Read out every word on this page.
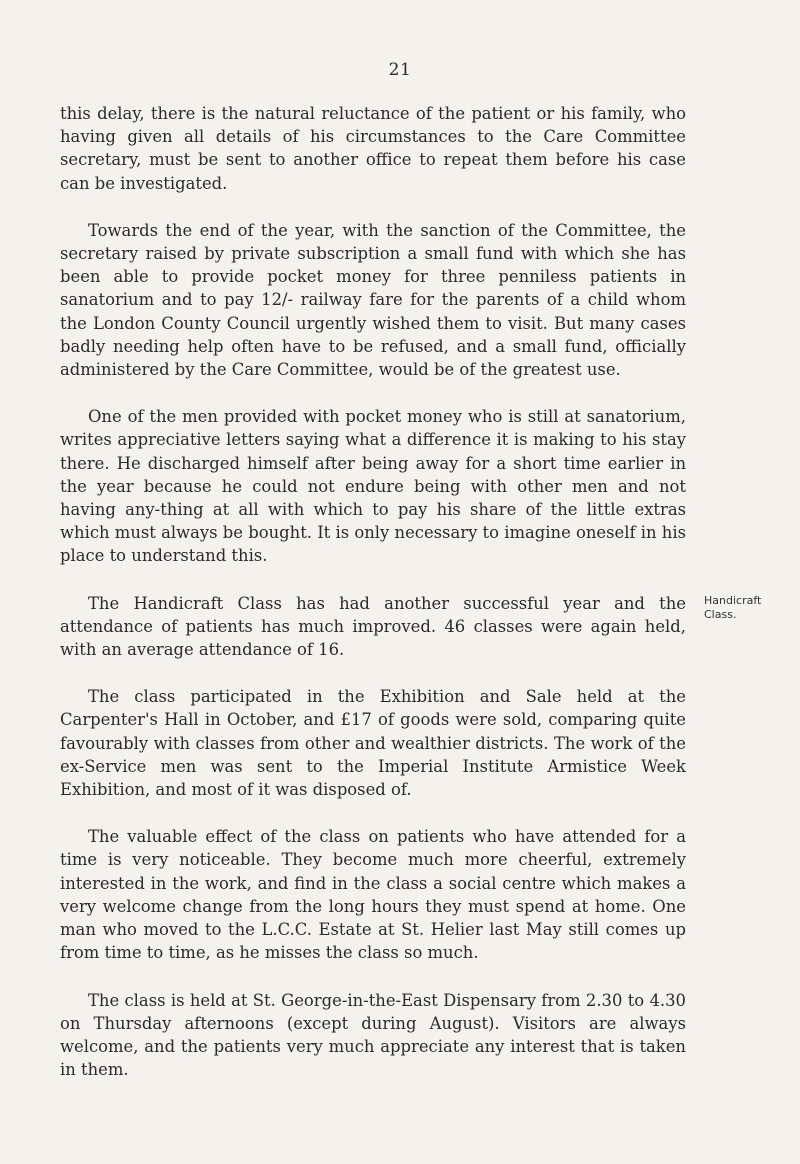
21

this delay, there is the natural reluctance of the patient or his family, who having given all details of his circumstances to the Care Committee secretary, must be sent to another office to repeat them before his case can be investigated.

Towards the end of the year, with the sanction of the Committee, the secretary raised by private subscription a small fund with which she has been able to provide pocket money for three penniless patients in sanatorium and to pay 12/- railway fare for the parents of a child whom the London County Council urgently wished them to visit. But many cases badly needing help often have to be refused, and a small fund, officially administered by the Care Committee, would be of the greatest use.

One of the men provided with pocket money who is still at sanatorium, writes appreciative letters saying what a difference it is making to his stay there. He discharged himself after being away for a short time earlier in the year because he could not endure being with other men and not having any-thing at all with which to pay his share of the little extras which must always be bought. It is only necessary to imagine oneself in his place to understand this.

The Handicraft Class has had another successful year and the attendance of patients has much improved. 46 classes were again held, with an average attendance of 16.

The class participated in the Exhibition and Sale held at the Carpenter's Hall in October, and £17 of goods were sold, comparing quite favourably with classes from other and wealthier districts. The work of the ex-Service men was sent to the Imperial Institute Armistice Week Exhibition, and most of it was disposed of.

The valuable effect of the class on patients who have attended for a time is very noticeable. They become much more cheerful, extremely interested in the work, and find in the class a social centre which makes a very welcome change from the long hours they must spend at home. One man who moved to the L.C.C. Estate at St. Helier last May still comes up from time to time, as he misses the class so much.

The class is held at St. George-in-the-East Dispensary from 2.30 to 4.30 on Thursday afternoons (except during August). Visitors are always welcome, and the patients very much appreciate any interest that is taken in them.

Handicraft
Class.
